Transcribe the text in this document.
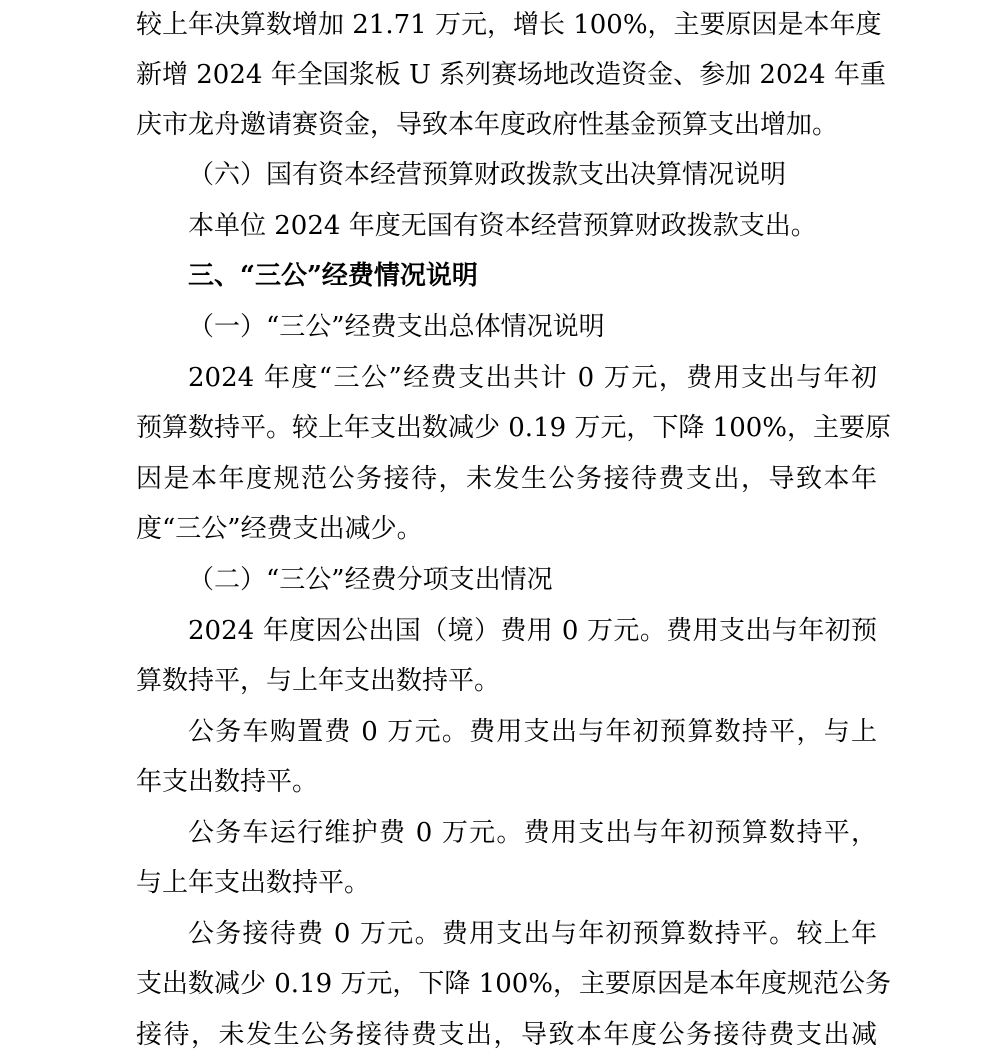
较上年决算数增加 21.71 万元，增长 100%，主要原因是本年度
新增 2024 年全国浆板 U 系列赛场地改造资金、参加 2024 年重
庆市龙舟邀请赛资金，导致本年度政府性基金预算支出增加。
（六）国有资本经营预算财政拨款支出决算情况说明
本单位 2024 年度无国有资本经营预算财政拨款支出。
三、“三公”经费情况说明
（一）“三公”经费支出总体情况说明
2024 年度“三公”经费支出共计 0 万元，费用支出与年初
预算数持平。较上年支出数减少 0.19 万元，下降 100%，主要原
因是本年度规范公务接待，未发生公务接待费支出，导致本年
度“三公”经费支出减少。
（二）“三公”经费分项支出情况
2024 年度因公出国（境）费用 0 万元。费用支出与年初预
算数持平，与上年支出数持平。
公务车购置费 0 万元。费用支出与年初预算数持平，与上
年支出数持平。
公务车运行维护费 0 万元。费用支出与年初预算数持平，
与上年支出数持平。
公务接待费 0 万元。费用支出与年初预算数持平。较上年
支出数减少 0.19 万元，下降 100%，主要原因是本年度规范公务
接待，未发生公务接待费支出，导致本年度公务接待费支出减
